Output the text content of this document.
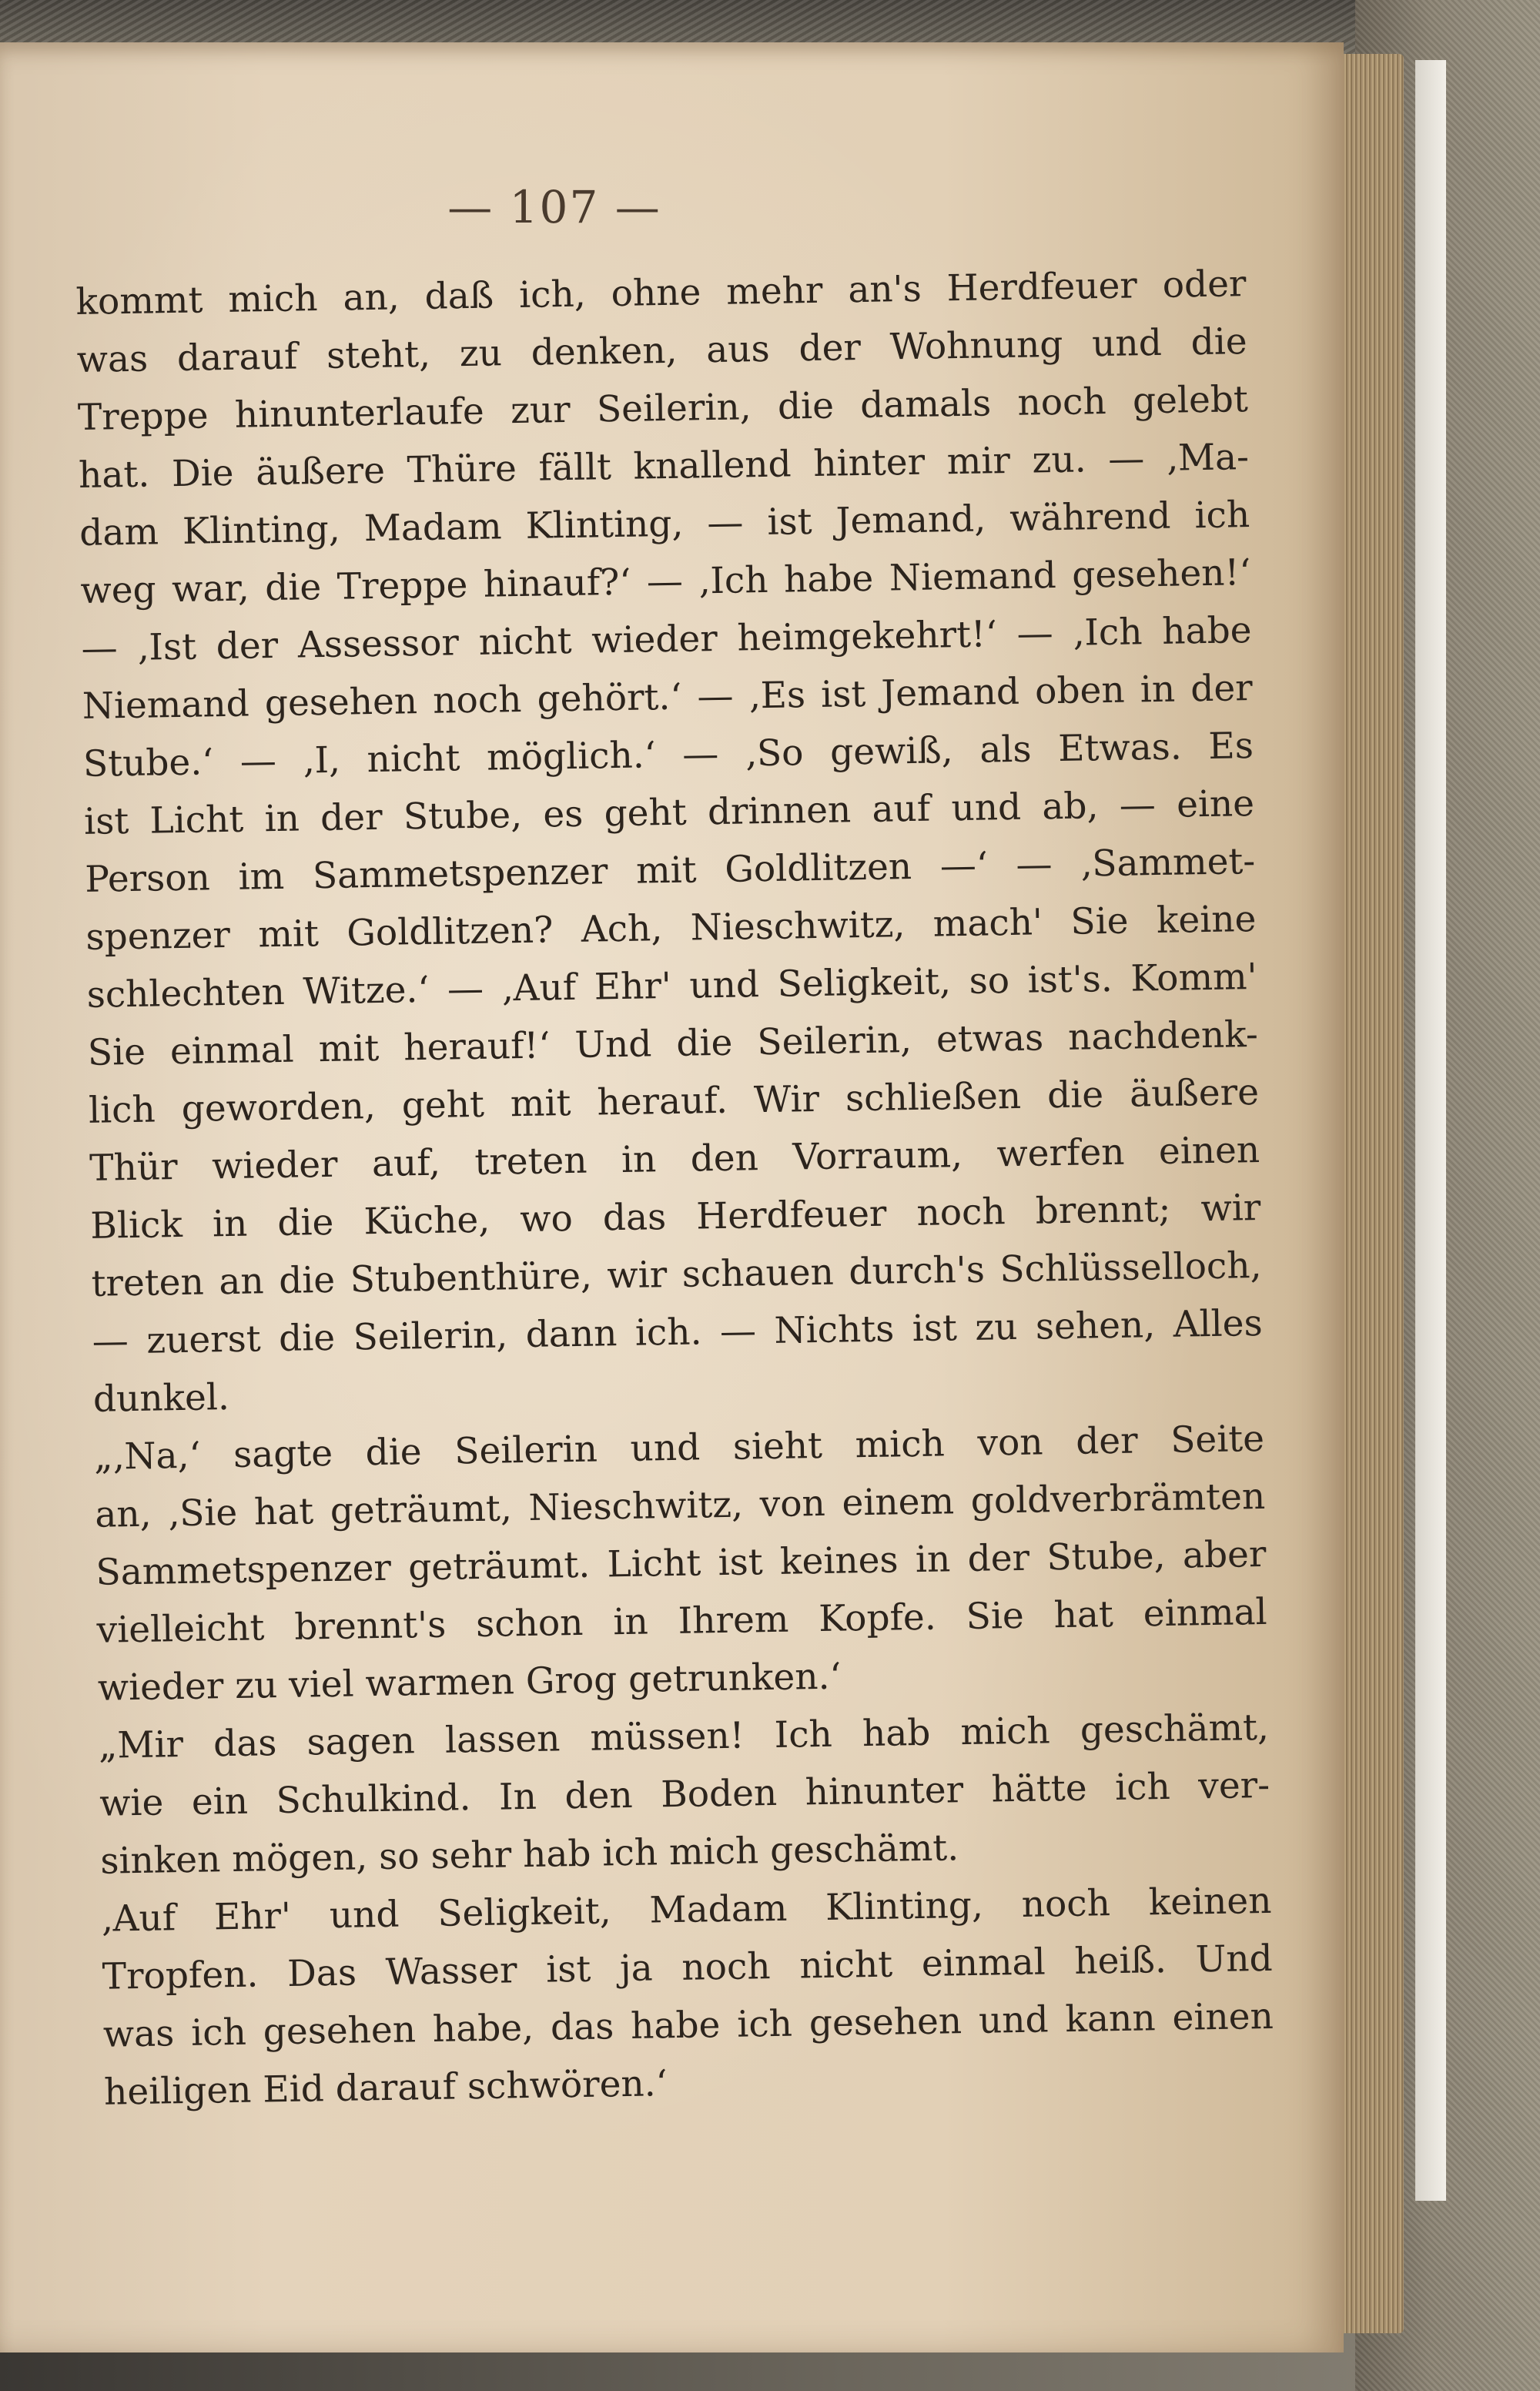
— 107 —
kommt mich an, daß ich, ohne mehr an's Herdfeuer oder
was darauf steht, zu denken, aus der Wohnung und die
Treppe hinunterlaufe zur Seilerin, die damals noch gelebt
hat. Die äußere Thüre fällt knallend hinter mir zu. — ‚Ma-
dam Klinting, Madam Klinting, — ist Jemand, während ich
weg war, die Treppe hinauf?‘ — ‚Ich habe Niemand gesehen!‘
— ‚Ist der Assessor nicht wieder heimgekehrt!‘ — ‚Ich habe
Niemand gesehen noch gehört.‘ — ‚Es ist Jemand oben in der
Stube.‘ — ‚I, nicht möglich.‘ — ‚So gewiß, als Etwas. Es
ist Licht in der Stube, es geht drinnen auf und ab, — eine
Person im Sammetspenzer mit Goldlitzen —‘ — ‚Sammet-
spenzer mit Goldlitzen? Ach, Nieschwitz, mach' Sie keine
schlechten Witze.‘ — ‚Auf Ehr' und Seligkeit, so ist's. Komm'
Sie einmal mit herauf!‘ Und die Seilerin, etwas nachdenk-
lich geworden, geht mit herauf. Wir schließen die äußere
Thür wieder auf, treten in den Vorraum, werfen einen
Blick in die Küche, wo das Herdfeuer noch brennt; wir
treten an die Stubenthüre, wir schauen durch's Schlüsselloch,
— zuerst die Seilerin, dann ich. — Nichts ist zu sehen, Alles
dunkel.
„‚Na,‘ sagte die Seilerin und sieht mich von der Seite
an, ‚Sie hat geträumt, Nieschwitz, von einem goldverbrämten
Sammetspenzer geträumt. Licht ist keines in der Stube, aber
vielleicht brennt's schon in Ihrem Kopfe. Sie hat einmal
wieder zu viel warmen Grog getrunken.‘
„Mir das sagen lassen müssen! Ich hab mich geschämt,
wie ein Schulkind. In den Boden hinunter hätte ich ver-
sinken mögen, so sehr hab ich mich geschämt.
‚Auf Ehr' und Seligkeit, Madam Klinting, noch keinen
Tropfen. Das Wasser ist ja noch nicht einmal heiß. Und
was ich gesehen habe, das habe ich gesehen und kann einen
heiligen Eid darauf schwören.‘
